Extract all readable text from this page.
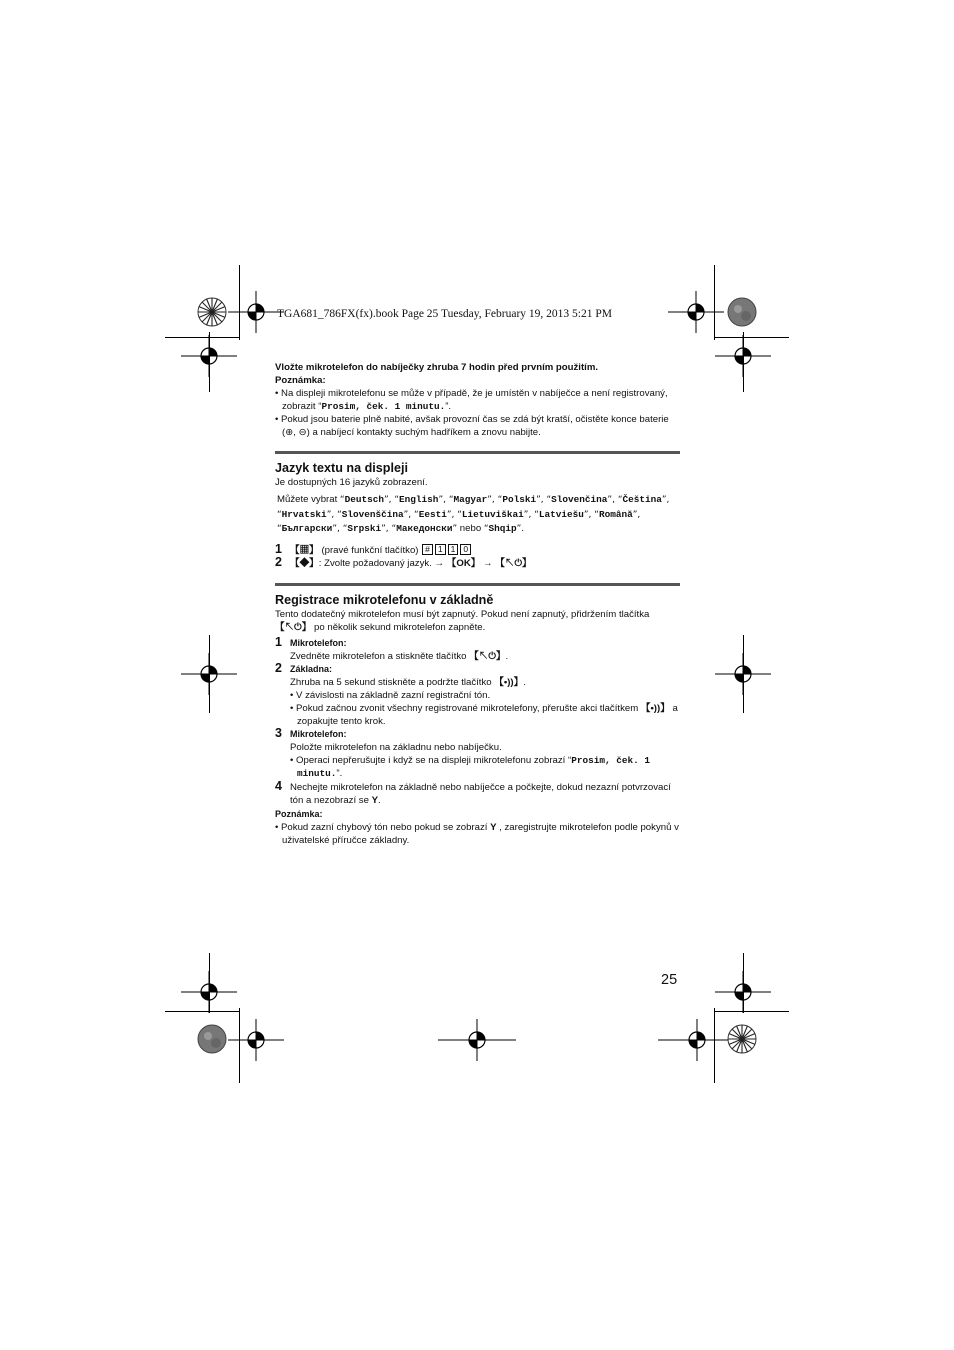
TGA681_786FX(fx).book Page 25 Tuesday, February 19, 2013 5:21 PM
Vložte mikrotelefon do nabíječky zhruba 7 hodin před prvním použitím.
Poznámka:
• Na displeji mikrotelefonu se může v případě, že je umístěn v nabíječce a není registrovaný, zobrazit “Prosim, ček. 1 minutu.”.
• Pokud jsou baterie plně nabité, avšak provozní čas se zdá být kratší, očistěte konce baterie (⊕, ⊖) a nabíjecí kontakty suchým hadříkem a znovu nabijte.
Jazyk textu na displeji
Je dostupných 16 jazyků zobrazení.
Můžete vybrat “Deutsch”, “English”, “Magyar”, “Polski”, “Slovenčina”, “Čeština”, “Hrvatski”, “Slovenščina”, “Eesti”, “Lietuviškai”, “Latviešu”, “Română”, “Български”, “Srpski”, “Македонски” nebo “Shqip”.
1 【▦】 (pravé funkční tlačítko) # 1 1 0
2 【◆】: Zvolte požadovaný jazyk. → 【OK】 → 【↖⏻】
Registrace mikrotelefonu v základně
Tento dodatečný mikrotelefon musí být zapnutý. Pokud není zapnutý, přidržením tlačítka 【↖⏻】 po několik sekund mikrotelefon zapněte.
1 Mikrotelefon:
Zvedněte mikrotelefon a stiskněte tlačítko 【↖⏻】.
2 Základna:
Zhruba na 5 sekund stiskněte a podržte tlačítko 【•))】.
• V závislosti na základně zazní registrační tón.
• Pokud začnou zvonit všechny registrované mikrotelefony, přerušte akci tlačítkem 【•))】 a zopakujte tento krok.
3 Mikrotelefon:
Položte mikrotelefon na základnu nebo nabíječku.
• Operaci nepřerušujte i když se na displeji mikrotelefonu zobrazí “Prosim, ček. 1 minutu.”.
4 Nechejte mikrotelefon na základně nebo nabíječce a počkejte, dokud nezazní potvrzovací tón a nezobrazí se Y.
Poznámka:
• Pokud zazní chybový tón nebo pokud se zobrazí Y , zaregistrujte mikrotelefon podle pokynů v uživatelské příručce základny.
25
